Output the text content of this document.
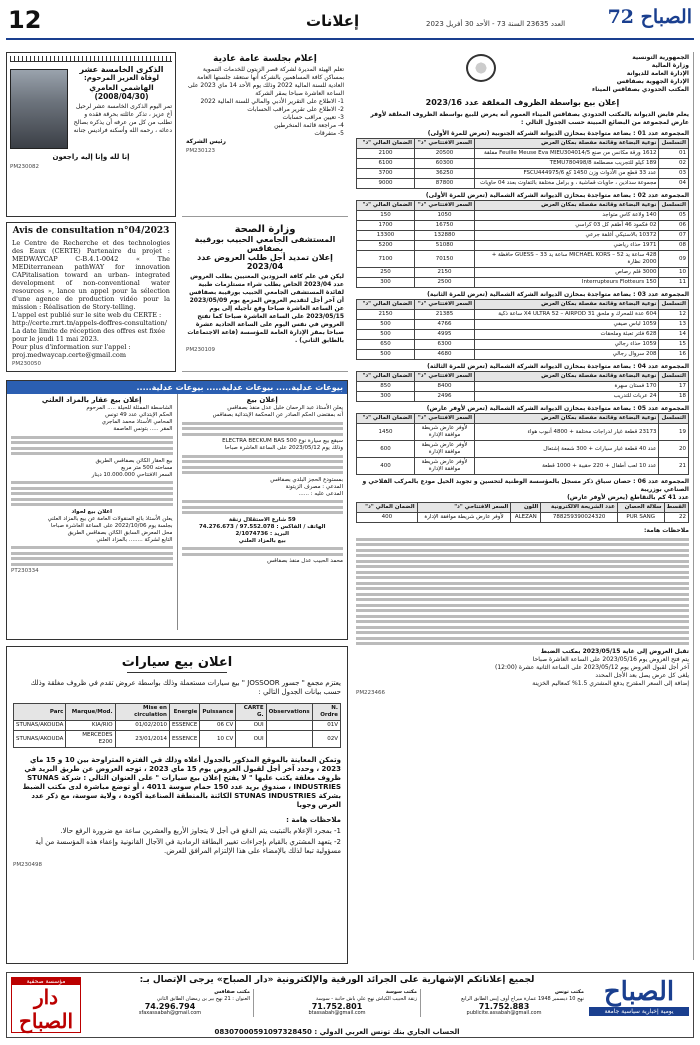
12	إعلانات	العدد 23635 السنة 73 - الأحد 30 أفريل 2023 72 الصباح
الجمهورية التونسية
وزارة المالية
الإدارة العامة للديوانة
الإدارة الجهوية بصفاقس
المكتب الحدودي بصفاقس الميناء
إعلان بيع بواسطة الظروف المغلقة عدد 2023/16
يعلم قابض الديوانة بالمكتب الحدودي بصفاقس الميناء العموم أنه يعرض للبيع بواسطة الظروف المغلقة لأوفر عارض لمجموعة من البضائع المبينة حسب الجدول التالي :
المجموعة عدد 01 : بضاعة متواجدة بمخازن الديوانة الشركة الجنوبية (تعرض للمرة الأولى)
التسلسل	نوعية البضاعة وقائمة مفصلة بمكان العرض	السعر الافتتاحي "د"	الضمان المالي "د"
01	1612 ورقة مكانس من صنع Feuille Meuse Eva MIEU304014/5 مفلقة	20500	2100
02	189 كيلو للتجريب مصطلعة TEMU780498/8	60300	6100
03	عدد 33 قطع من الأدوات وزن 1450 كغ FSCU444975/6	36250	3700
04	مجموعة سدادين ، حاويات قماشية ، و برامل مختلفة بالتفاوت بعدد 04 حاويات	87800	9000
المجموعة عدد 02 : بضاعة متواجدة بمخازن الديوانة الشركة الشمالية (تعرض للمرة الأولى)
التسلسل	نوعية البضاعة وقائمة مفصلة بمكان العرض	السعر الافتتاحي "د"	الضمان المالي "د"
05	140 ولاعة كاس متواجد	1050	150
06	02 فكمود 46 أطقم كل 03 كراسي	16750	1700
07	10372 بالاستيكي أغلفة جرعي	132880	13300
08	1971 حذاء رياضي	51080	5200
09	428 ساعة يد MICHAEL KORS – 52 ساعة يد GUESS – 33 حافظة + 2000 نظارة	70150	7100
10	3000 قلم رصاص	2150	250
11	150 Interrupteurs Flotteurs	2500	300
المجموعة عدد 03 : بضاعة متواجدة بمخازن الديوانة الشركة الشمالية (تعرض للمرة الثانية)
التسلسل	نوعية البضاعة وقائمة مفصلة بمكان العرض	السعر الافتتاحي "د"	الضمان المالي "د"
12	604 عدة للمحرك و ملحق X4 ULTRA 52 – AIRPOD 31 ساعة ذكية	21385	2150
13	1059 لباس صيفي	4766	500
14	628 فلتر تعبئة وملحقات	4995	500
15	1059 حذاء رجالي	6300	650
16	208 سروال رجالي	4680	500
المجموعة عدد 04 : بضاعة متواجدة بمخازن الديوانة الشركة الشمالية (تعرض للمرة الثالثة)
التسلسل	نوعية البضاعة وقائمة مفصلة بمكان العرض	السعر الافتتاحي "د"	الضمان المالي "د"
17	170 فستان سهرة	8400	850
18	24 عربات للتدريب	2496	300
المجموعة عدد 05 : بضاعة متواجدة بمخازن الديوانة الشركة الشمالية (تعرض لأوفر عارض)
التسلسل	نوعية البضاعة وقائمة مفصلة بمكان العرض	السعر الافتتاحي "د"	الضمان المالي "د"
19	23173 قطعة غيار لدراجات مختلفة + 4800 أنبوب هواء	لأوفر عارض شريطة موافقة الإدارة	1450
20	عدد 40 قطعة غيار سيارات + 300 شمعة إشتعال	لأوفر عارض شريطة موافقة الإدارة	600
21	عدد 10 لعب أطفال + 220 حقيبة + 1000 قطعة	لأوفر عارض شريطة موافقة الإدارة	400
المجموعة عدد 06 : حصان سباق ذكر مسجل بالمؤسسة الوطنية لتحسين و تجويد الخيل مودع بالمركب الفلاحي و الصناعي بوزريبة
عدد 41 كم بالتقاطع (يعرض لأوفر عارض)
القسط	سلالة الحصان	عدد الشريحة الالكترونية	اللون	السعر الافتتاحي "د"	الضمان المالي "د"
22	PUR SANG	788259390024320	ALEZAN	لأوفر عارض شريطة موافقة الإدارة	400
ملاحظات هامة:
تقبل العروض إلى غاية 2023/05/15 بمكتب الضبط
يتم فتح العروض يوم 2023/05/16 على الساعة العاشرة صباحا
آخر أجل لقبول العروض يوم 2023/05/12 على الساعة الثانية عشرة (12:00)
يلغى كل عرض يصل بعد الأجل المحدد
إضافة إلى السعر المقترح يدفع المشتري 1.5% كمعاليم الخزينة
PM223466
إعلام بجلسة عامة عادية
تعلم الهيئة المديرة لشركة قصر الزيتون للخدمات التنموية بمساكن كافة المساهمين بالشركة أنها ستعقد جلستها العامة العادية للسنة المالية 2022 وذلك يوم الأحد 14 ماي 2023 على الساعة العاشرة صباحا بمقر الشركة
1- الاطلاع على التقرير الأدبي والمالي للسنة المالية 2022
2- الاطلاع على تقرير مراقب الحسابات
3- تعيين مراقب حسابات
4- مراجعة قائمة المنخرطين
5- متفرقات
رئيس الشركة
PM230123
وزارة الصحة
المستشفى الجامعي الحبيب بورقيبة بصفاقس
إعلان تمديد أجل طلب العروض عدد 2023/04
ليكن في علم كافة المزودين المعنيين بطلب العروض عدد 2023/04 الخاص بطلب شراء مستلزمات طبية لفائدة المستشفى الجامعي الحبيب بورقيبة بصفاقس أن آخر أجل لتقديم العروض المزمع يوم 2023/05/09 عن الساعة العاشرة صباحا وقع تأجيله إلى يوم 2023/05/15 على الساعة العاشرة صباحا كما تفتح العروض في نفس اليوم على الساعة الحادية عشرة صباحا بمقر الإدارة العامة للمؤسسة (قاعة الاجتماعات بالطابق الثاني) .
PM230109
الذكرى الخامسة عشر
لوفاة العزيز المرحوم:
الهاشمي العامري (2008/04/30)
تمر اليوم الذكرى الخامسة عشر لرحيل أخ عزيز ، تذكر عائلته بحرقة فقده و تطلب من كل من عرفه أن يذكره بصالح دعائه ، رحمه الله وأسكنه فراديس جنانه
إنا لله وإنا إليه راجعون
PM230082
Avis de consultation n°04/2023
Le Centre de Recherche et des technologies des Eaux (CERTE) Partenaire du projet : MEDWAYCAP C-B.4.1-0042 « The MEDiterranean pathWAY for innovation CAPitalisation toward an urban- integrated development of non-conventional water resources », lance un appel pour la sélection d'une agence de production vidéo pour la mission : Réalisation de Story-telling.
L'appel est publié sur le site web du CERTE : http://certe.rnrt.tn/appels-doffres-consultation/
La date limite de réception des offres est fixée pour le jeudi 11 mai 2023.
Pour plus d'information sur l'appel : proj.medwaycap.certe@gmail.com
PM230050
بيوعات عدلية..... بيوعات عدلية..... بيوعات عدلية.....
إعلان بيع
يعلن الأستاذ عبد الرحمان خليل عدل منفذ بصفاقس
أنه بمقتضى الحكم الصادر عن المحكمة الإبتدائية بصفاقس
سيقع بيع سيارة نوع ELECTRA BECKUM BAS 500
وذلك يوم 2023/05/12 على الساعة العاشرة صباحا
بمستودع الحجز البلدي بصفاقس
المدعي : مصرف الزيتونة
المدعى عليه : ......
59 شارع الاستقلال زنقة
الهاتف / الفاكس : 97.552.078 / 74.276.673
البريد : 2/1074736
بيع بالمزاد العلني
محمد الحبيب عدل منفذ بصفاقس
إعلان بيع عقار بالمزاد العلني
الشاسطة الممثلة للحيلة ..... المرحوم
الحكم الإبتدائي عدد 49 تونس
المحامي الأستاذ محمد الماجري
المقر ..... بتونس العاصمة
بيع العقار الكائن بصفاقس الطريق
مساحته 500 متر مربع
السعر الافتتاحي 10.000.000 دينار
اعلان بيع لحواد
يعلن الأستاذ بائع المنقولات العامة عن بيع بالمزاد العلني
بجلسة يوم 2022/10/06 على الساعة العاشرة صباحا
محل المعرض السابق الكائن بصفاقس الطريق
التابع لشركة ........ بالمزاد العلني
PT230334
اعلان بيع سيارات
يعتزم مجمع " جسور JOSSOOR " بيع سيارات مستعملة وذلك بواسطة عروض تقدم في ظروف مغلقة وذلك حسب بيانات الجدول التالي :
Parc	Marque/Mod.	Mise en circulation	Energie	Puissance	CARTE G.	Observations	N. Ordre
STUNAS/AKOUDA	KIA/RIO	01/02/2010	ESSENCE	06 CV	OUI		01V
STUNAS/AKOUDA	MERCEDES E200	23/01/2014	ESSENCE	10 CV	OUI		02V
وتمكن المعاينة بالموقع المذكور بالجدول أعلاه وذلك في الفترة المتراوحة بين 10 و 15 ماي 2023 ، وحدد آخر أجل لقبول العروض يوم 15 ماي 2023 ، توجه العروض عن طريق البريد في ظروف مغلقة يكتب عليها " لا يفتح إعلان بيع سيارات " على العنوان التالي : شركة STUNAS INDUSTRIES ، صندوق بريد عدد 150 حمام سوسة 4011 ، أو توضع مباشرة لدى مكتب الضبط بشركة STUNAS INDUSTRIES الكائنة بالمنطقة الصناعية أكودة ، ولاية سوسة، مع ذكر عدد العرض وجوبا
ملاحظات هامة :
1- بمجرد الإعلام بالتبتيت يتم الدفع في أجل لا يتجاوز الأربع والعشرين ساعة مع ضرورة الرفع حالا.
2- يتعهد المشتري بالقيام بإجراءات تغيير البطاقة الرمادية في الآجال القانونية وإعفاء هذه المؤسسة من أية مسؤولية تبعا لذلك بالإمضاء على هذا الإلتزام المرافق للعرض.
PM230498
الصباح
يومية إخبارية سياسية جامعة
مؤسسة صحفية
دار الصباح
لجميع إعلاناتكم الإشهارية على الجرائد الورقية والإلكترونية «دار الصباح» يرجى الإتصال بـ:
مكتب تونس
نهج 10 ديسمبر 1948 عمارة ميراج أوف إيس الطابق الرابع
71.752.883
publicite.assabah@gmail.com
مكتب سوسة
زنقة الحبيب الكباش نهج علي باش حانبة - سوسة
71.752.801
btassabah@gmail.com
مكتب صفاقس
العنوان : 21 نهج بير بن رمضان الطابق الثاني
74.296.794
sfaxassabah@gmail.com
الحساب الجاري بنك تونس العربي الدولي : 08307000591097328450
